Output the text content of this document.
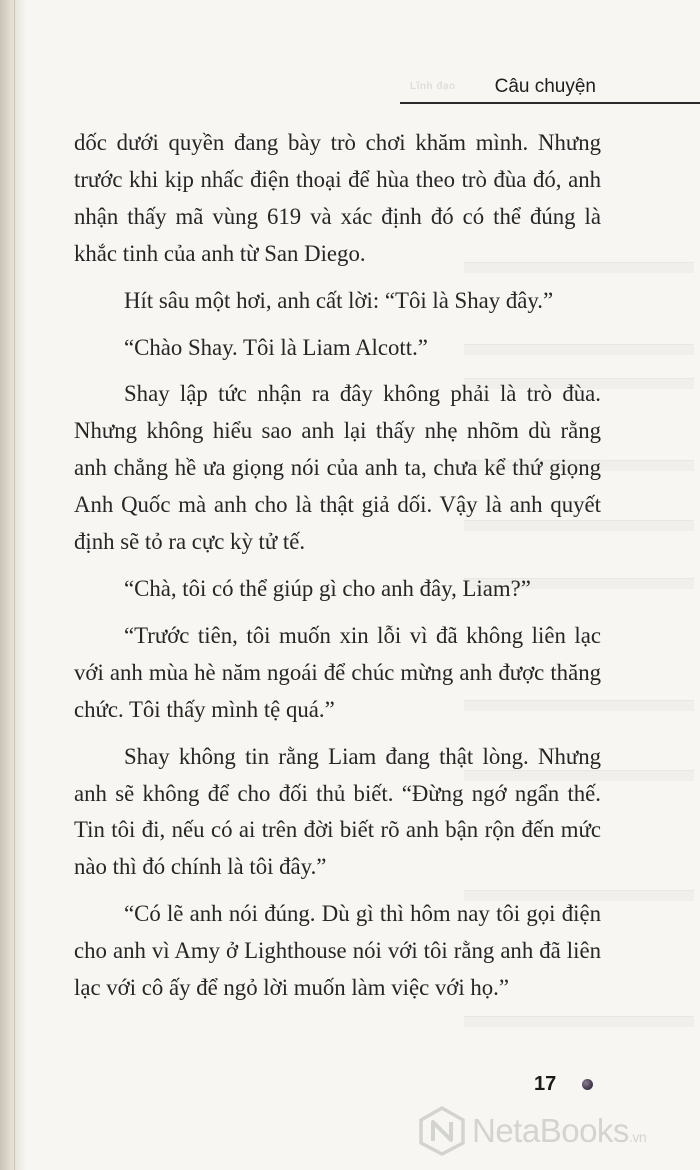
Lĩnh đạo Câu chuyện

dốc dưới quyền đang bày trò chơi khăm mình. Nhưng trước khi kịp nhấc điện thoại để hùa theo trò đùa đó, anh nhận thấy mã vùng 619 và xác định đó có thể đúng là khắc tinh của anh từ San Diego.

Hít sâu một hơi, anh cất lời: “Tôi là Shay đây.”

“Chào Shay. Tôi là Liam Alcott.”

Shay lập tức nhận ra đây không phải là trò đùa. Nhưng không hiểu sao anh lại thấy nhẹ nhõm dù rằng anh chẳng hề ưa giọng nói của anh ta, chưa kể thứ giọng Anh Quốc mà anh cho là thật giả dối. Vậy là anh quyết định sẽ tỏ ra cực kỳ tử tế.

“Chà, tôi có thể giúp gì cho anh đây, Liam?”

“Trước tiên, tôi muốn xin lỗi vì đã không liên lạc với anh mùa hè năm ngoái để chúc mừng anh được thăng chức. Tôi thấy mình tệ quá.”

Shay không tin rằng Liam đang thật lòng. Nhưng anh sẽ không để cho đối thủ biết. “Đừng ngớ ngẩn thế. Tin tôi đi, nếu có ai trên đời biết rõ anh bận rộn đến mức nào thì đó chính là tôi đây.”

“Có lẽ anh nói đúng. Dù gì thì hôm nay tôi gọi điện cho anh vì Amy ở Lighthouse nói với tôi rằng anh đã liên lạc với cô ấy để ngỏ lời muốn làm việc với họ.”

17
NetaBooks.vn
